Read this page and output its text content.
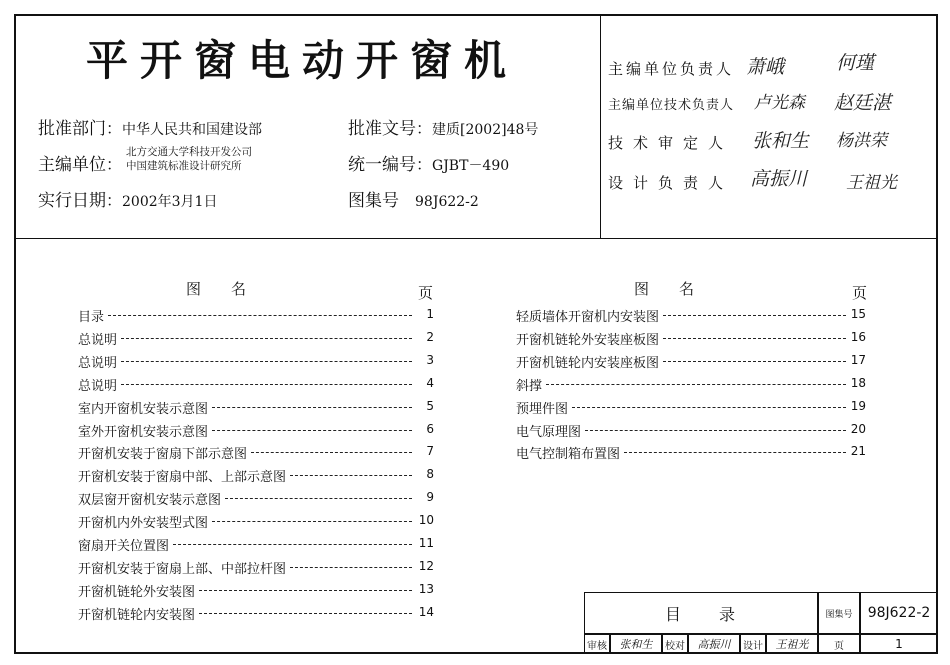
平开窗电动开窗机
批准部门：中华人民共和国建设部
主编单位：
北方交通大学科技开发公司
中国建筑标准设计研究所
实行日期：2002年3月1日
批准文号：建质[2002]48号
统一编号：GJBT－490
图集号　 98J622-2
主编单位负责人 萧峨	何瑾
主编单位技术负责人 卢光森 赵廷湛
技术审定人 张和生 杨洪荣
设计负责人 高振川 王祖光
图　　名	页	图　　名	页
目录	1
总说明	2
总说明	3
总说明	4
室内开窗机安装示意图	5
室外开窗机安装示意图	6
开窗机安装于窗扇下部示意图	7
开窗机安装于窗扇中部、上部示意图	8
双层窗开窗机安装示意图	9
开窗机内外安装型式图	10
窗扇开关位置图	11
开窗机安装于窗扇上部、中部拉杆图	12
开窗机链轮外安装图	13
开窗机链轮内安装图	14
轻质墙体开窗机内安装图	15
开窗机链轮外安装座板图	16
开窗机链轮内安装座板图	17
斜撑	18
预埋件图	19
电气原理图	20
电气控制箱布置图	21
目　　录	图集号	98J622-2
审核	张和生	校对	高振川	设计	王祖光	页	1
